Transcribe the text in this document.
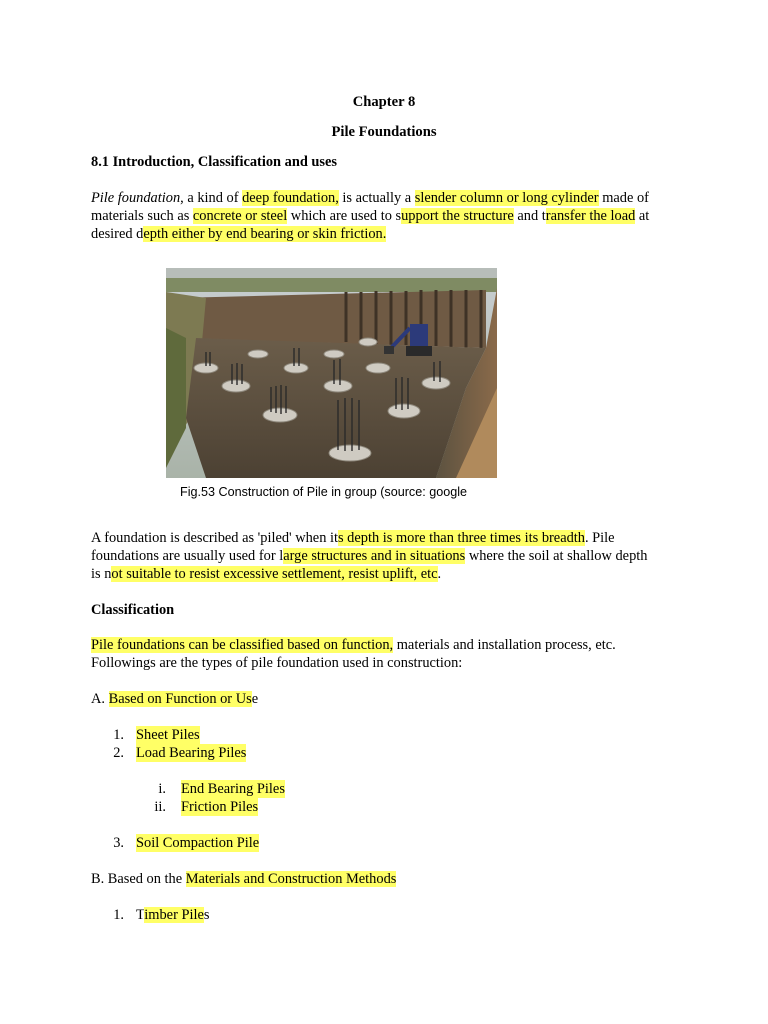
Chapter 8
Pile Foundations
8.1 Introduction, Classification and uses
Pile foundation, a kind of deep foundation, is actually a slender column or long cylinder made of
materials such as concrete or steel which are used to support the structure and transfer the load at
desired depth either by end bearing or skin friction.
Fig.53 Construction of Pile in group (source: google
A foundation is described as 'piled' when its depth is more than three times its breadth. Pile
foundations are usually used for large structures and in situations where the soil at shallow depth
is not suitable to resist excessive settlement, resist uplift, etc.
Classification
Pile foundations can be classified based on function, materials and installation process, etc.
Followings are the types of pile foundation used in construction:
A. Based on Function or Use
1. Sheet Piles
2. Load Bearing Piles
i. End Bearing Piles
ii. Friction Piles
3. Soil Compaction Pile
B. Based on the Materials and Construction Methods
1. Timber Piles
